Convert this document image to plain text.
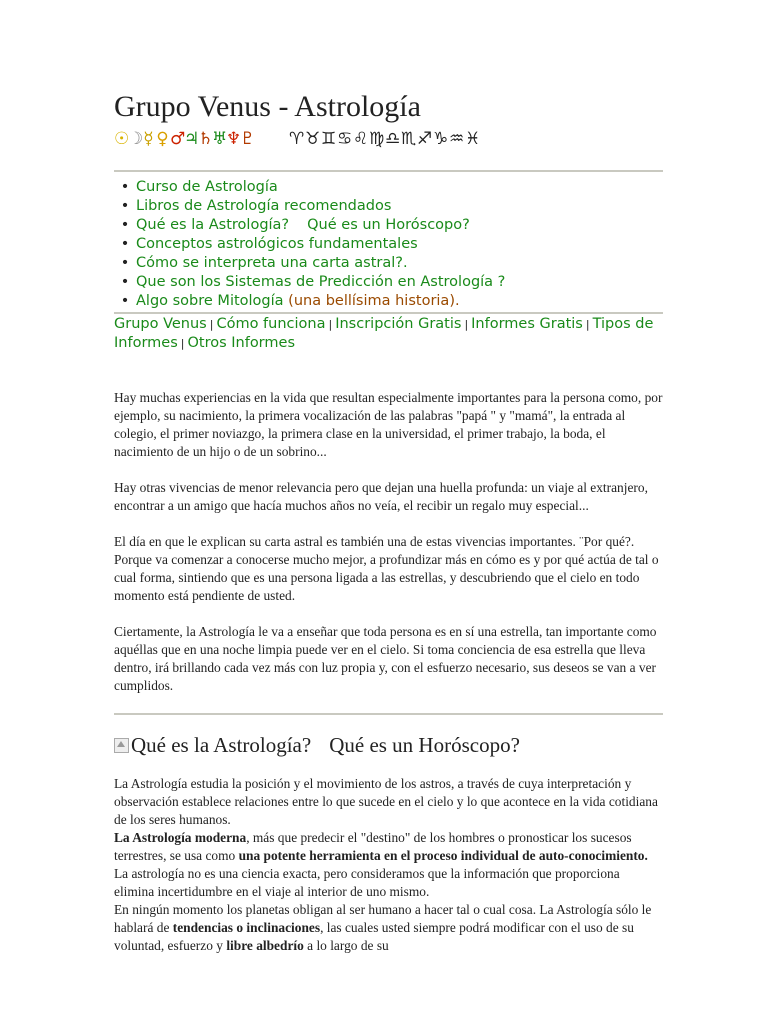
Grupo Venus - Astrología
☉
☽ ☿ ♀ ♂
♃
♄
♅
♆
♇ ♈ ♉ ♊ ♋ ♌ ♍ ♎ ♏ ♐ ♑ ♒ ♓
• Curso de Astrología
• Libros de Astrología recomendados
• Qué es la Astrología? Qué es un Horóscopo?
• Conceptos astrológicos fundamentales
• Cómo se interpreta una carta astral?.
• Que son los Sistemas de Predicción en Astrología ?
• Algo sobre Mitología
(una bellísima historia).
Grupo Venus | Cómo funciona | Inscripción Gratis | Informes Gratis | Tipos de Informes | Otros Informes

Hay muchas experiencias en la vida que resultan especialmente importantes para la persona como, por ejemplo, su nacimiento, la primera vocalización de las palabras "papá " y "mamá", la entrada al colegio, el primer noviazgo, la primera clase en la universidad, el primer trabajo, la boda, el nacimiento de un hijo o de un sobrino...

Hay otras vivencias de menor relevancia pero que dejan una huella profunda: un viaje al extranjero, encontrar a un amigo que hacía muchos años no veía, el recibir un regalo muy especial...

El día en que le explican su carta astral es también una de estas vivencias importantes. ¨Por qué?. Porque va comenzar a conocerse mucho mejor, a profundizar más en cómo es y por qué actúa de tal o cual forma, sintiendo que es una persona ligada a las estrellas, y descubriendo que el cielo en todo momento está pendiente de usted.

Ciertamente, la Astrología le va a enseñar que toda persona es en sí una estrella, tan importante como aquéllas que en una noche limpia puede ver en el cielo. Si toma conciencia de esa estrella que lleva dentro, irá brillando cada vez más con luz propia y, con el esfuerzo necesario, sus deseos se van a ver cumplidos.

Qué es la Astrología? Qué es un Horóscopo?

La Astrología estudia la posición y el movimiento de los astros, a través de cuya interpretación y observación establece relaciones entre lo que sucede en el cielo y lo que acontece en la vida cotidiana de los seres humanos.

La Astrología moderna, más que predecir el "destino" de los hombres o pronosticar los sucesos terrestres, se usa como una potente herramienta en el proceso individual de auto-conocimiento.

La astrología no es una ciencia exacta, pero consideramos que la información que proporciona elimina incertidumbre en el viaje al interior de uno mismo.

En ningún momento los planetas obligan al ser humano a hacer tal o cual cosa. La Astrología sólo le hablará de tendencias o inclinaciones, las cuales usted siempre podrá modificar con el uso de su voluntad, esfuerzo y libre albedrío a lo largo de su
